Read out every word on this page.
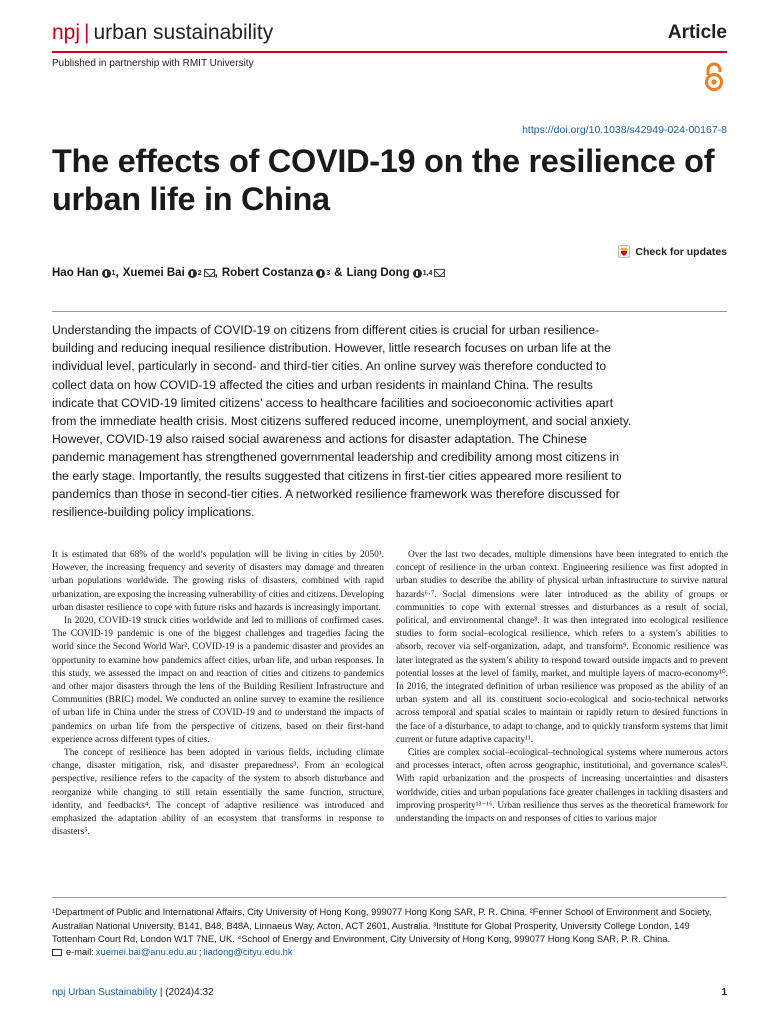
npj | urban sustainability	Article
Published in partnership with RMIT University
https://doi.org/10.1038/s42949-024-00167-8
The effects of COVID-19 on the resilience of urban life in China
Check for updates
Hao Han 1 , Xuemei Bai 2 , Robert Costanza 3 & Liang Dong 1,4

Understanding the impacts of COVID-19 on citizens from different cities is crucial for urban resilience-building and reducing inequal resilience distribution. However, little research focuses on urban life at the individual level, particularly in second- and third-tier cities. An online survey was therefore conducted to collect data on how COVID-19 affected the cities and urban residents in mainland China. The results indicate that COVID-19 limited citizens’ access to healthcare facilities and socioeconomic activities apart from the immediate health crisis. Most citizens suffered reduced income, unemployment, and social anxiety. However, COVID-19 also raised social awareness and actions for disaster adaptation. The Chinese pandemic management has strengthened governmental leadership and credibility among most citizens in the early stage. Importantly, the results suggested that citizens in first-tier cities appeared more resilient to pandemics than those in second-tier cities. A networked resilience framework was therefore discussed for resilience-building policy implications.

It is estimated that 68% of the world’s population will be living in cities by 2050¹. However, the increasing frequency and severity of disasters may damage and threaten urban populations worldwide. The growing risks of disasters, combined with rapid urbanization, are exposing the increasing vulnerability of cities and citizens. Developing urban disaster resilience to cope with future risks and hazards is increasingly important.

In 2020, COVID-19 struck cities worldwide and led to millions of confirmed cases. The COVID-19 pandemic is one of the biggest challenges and tragedies facing the world since the Second World War². COVID-19 is a pandemic disaster and provides an opportunity to examine how pandemics affect cities, urban life, and urban responses. In this study, we assessed the impact on and reaction of cities and citizens to pandemics and other major disasters through the lens of the Building Resilient Infrastructure and Communities (BRIC) model. We conducted an online survey to examine the resilience of urban life in China under the stress of COVID-19 and to understand the impacts of pandemics on urban life from the perspective of citizens, based on their first-hand experience across different types of cities.

The concept of resilience has been adopted in various fields, including climate change, disaster mitigation, risk, and disaster preparedness³. From an ecological perspective, resilience refers to the capacity of the system to absorb disturbance and reorganize while changing to still retain essentially the same function, structure, identity, and feedbacks⁴. The concept of adaptive resilience was introduced and emphasized the adaptation ability of an ecosystem that transforms in response to disasters⁵.

Over the last two decades, multiple dimensions have been integrated to enrich the concept of resilience in the urban context. Engineering resilience was first adopted in urban studies to describe the ability of physical urban infrastructure to survive natural hazards⁶·⁷. Social dimensions were later introduced as the ability of groups or communities to cope with external stresses and disturbances as a result of social, political, and environmental change⁸. It was then integrated into ecological resilience studies to form social–ecological resilience, which refers to a system’s abilities to absorb, recover via self-organization, adapt, and transform⁹. Economic resilience was later integrated as the system’s ability to respond toward outside impacts and to prevent potential losses at the level of family, market, and multiple layers of macro-economy¹⁰. In 2016, the integrated definition of urban resilience was proposed as the ability of an urban system and all its constituent socio-ecological and socio-technical networks across temporal and spatial scales to maintain or rapidly return to desired functions in the face of a disturbance, to adapt to change, and to quickly transform systems that limit current or future adaptive capacity¹¹.

Cities are complex social–ecological–technological systems where numerous actors and processes interact, often across geographic, institutional, and governance scales¹². With rapid urbanization and the prospects of increasing uncertainties and disasters worldwide, cities and urban populations face greater challenges in tackling disasters and improving prosperity¹³⁻¹⁶. Urban resilience thus serves as the theoretical framework for understanding the impacts on and responses of cities to various major

¹Department of Public and International Affairs, City University of Hong Kong, 999077 Hong Kong SAR, P. R. China. ²Fenner School of Environment and Society, Australian National University, B141, B48, B48A, Linnaeus Way, Acton, ACT 2601, Australia. ³Institute for Global Prosperity, University College London, 149 Tottenham Court Rd, London W1T 7NE, UK. ⁴School of Energy and Environment, City University of Hong Kong, 999077 Hong Kong SAR, P. R. China.

e-mail: xuemei.bai@anu.edu.au ; liadong@cityu.edu.hk
npj Urban Sustainability | (2024)4:32	1
